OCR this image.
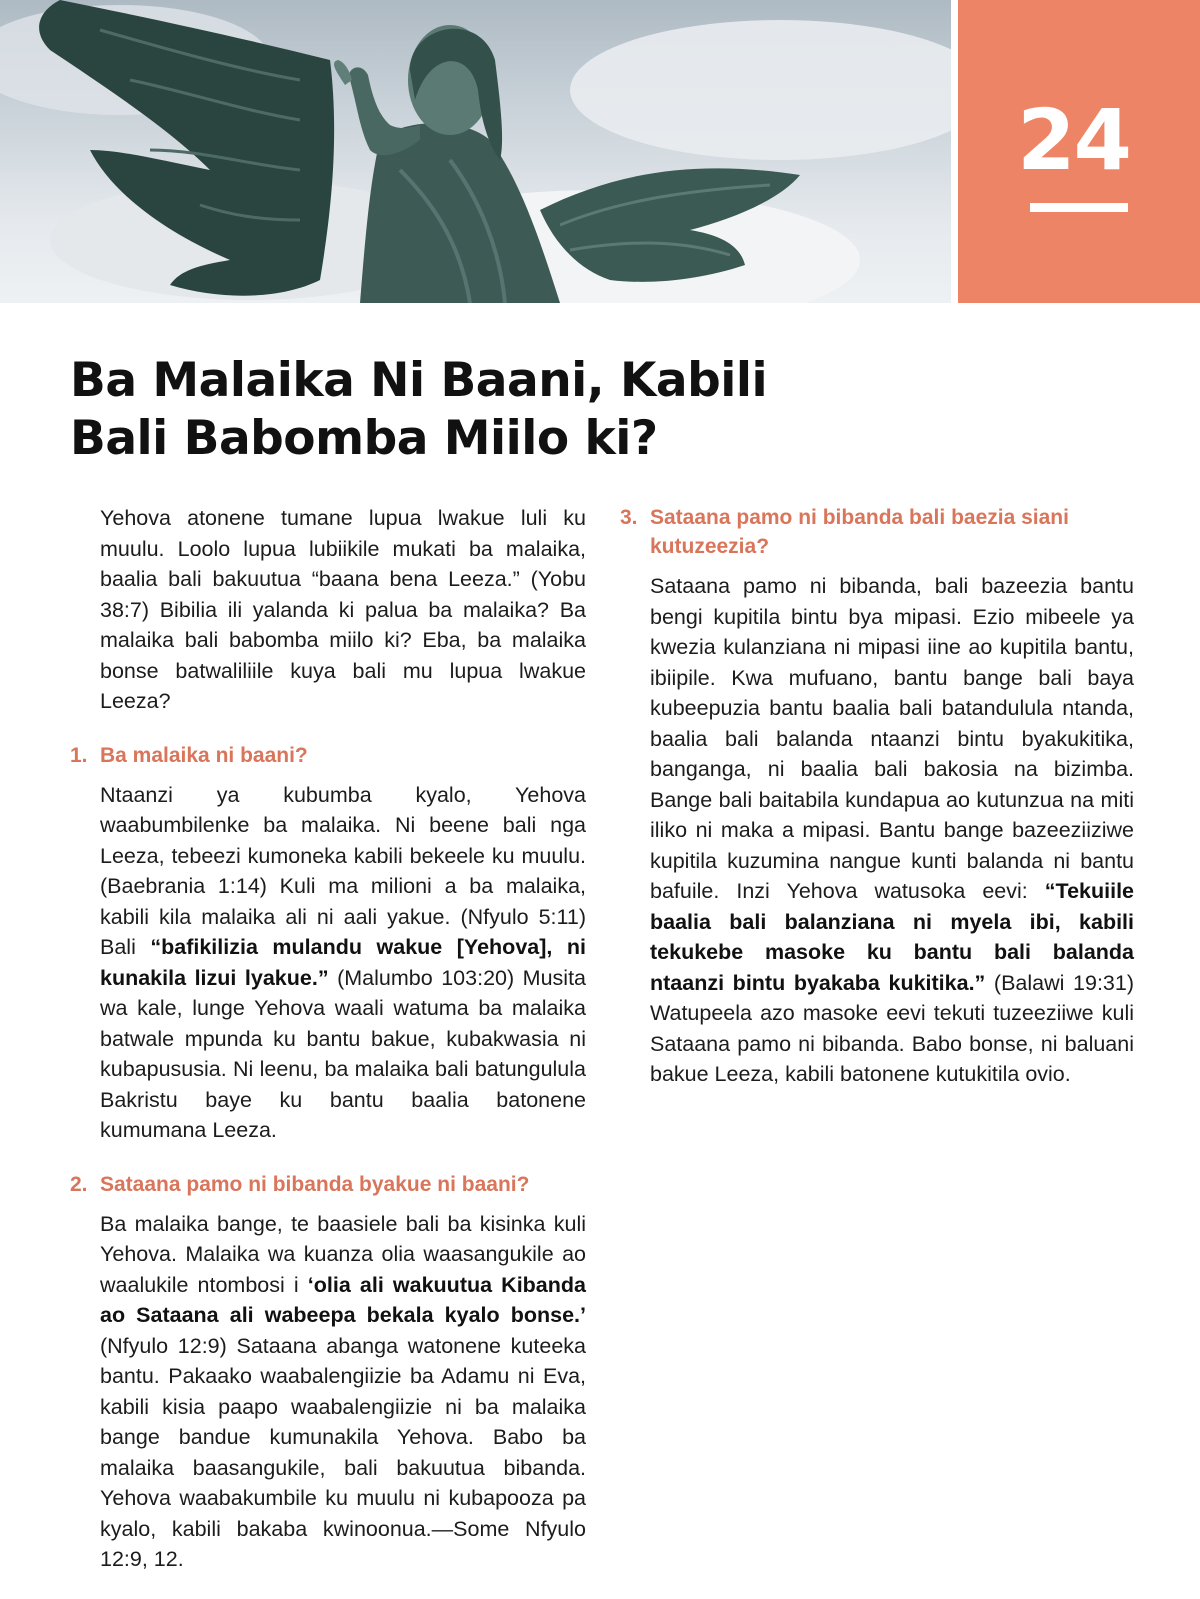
24
Ba Malaika Ni Baani, Kabili Bali Babomba Miilo ki?

Yehova atonene tumane lupua lwakue luli ku muulu. Loolo lupua lubiikile mukati ba malaika, baalia bali bakuutua “baana bena Leeza.” (Yobu 38:7) Bibilia ili yalanda ki palua ba malaika? Ba malaika bali babomba miilo ki? Eba, ba malaika bonse batwaliliile kuya bali mu lupua lwakue Leeza?

1. Ba malaika ni baani?

Ntaanzi ya kubumba kyalo, Yehova waabumbilenke ba malaika. Ni beene bali nga Leeza, tebeezi kumoneka kabili bekeele ku muulu. (Baebrania 1:14) Kuli ma milioni a ba malaika, kabili kila malaika ali ni aali yakue. (Nfyulo 5:11) Bali “bafikilizia mulandu wakue [Yehova], ni kunakila lizui lyakue.” (Malumbo 103:20) Musita wa kale, lunge Yehova waali watuma ba malaika batwale mpunda ku bantu bakue, kubakwasia ni kubapususia. Ni leenu, ba malaika bali batungulula Bakristu baye ku bantu baalia batonene kumumana Leeza.

2. Sataana pamo ni bibanda byakue ni baani?

Ba malaika bange, te baasiele bali ba kisinka kuli Yehova. Malaika wa kuanza olia waasangukile ao waalukile ntombosi i ‘olia ali wakuutua Kibanda ao Sataana ali wabeepa bekala kyalo bonse.’ (Nfyulo 12:9) Sataana abanga watonene kuteeka bantu. Pakaako waabalengiizie ba Adamu ni Eva, kabili kisia paapo waabalengiizie ni ba malaika bange bandue kumunakila Yehova. Babo ba malaika baasangukile, bali bakuutua bibanda. Yehova waabakumbile ku muulu ni kubapooza pa kyalo, kabili bakaba kwinoonua.—Some Nfyulo 12:9, 12.

3. Sataana pamo ni bibanda bali baezia siani kutuzeezia?

Sataana pamo ni bibanda, bali bazeezia bantu bengi kupitila bintu bya mipasi. Ezio mibeele ya kwezia kulanziana ni mipasi iine ao kupitila bantu, ibiipile. Kwa mufuano, bantu bange bali baya kubeepuzia bantu baalia bali batandulula ntanda, baalia bali balanda ntaanzi bintu byakukitika, banganga, ni baalia bali bakosia na bizimba. Bange bali baitabila kundapua ao kutunzua na miti iliko ni maka a mipasi. Bantu bange bazeeziiziwe kupitila kuzumina nangue kunti balanda ni bantu bafuile. Inzi Yehova watusoka eevi: “Tekuiile baalia bali balanziana ni myela ibi, kabili tekukebe masoke ku bantu bali balanda ntaanzi bintu byakaba kukitika.” (Balawi 19:31) Watupeela azo masoke eevi tekuti tuzeeziiwe kuli Sataana pamo ni bibanda. Babo bonse, ni baluani bakue Leeza, kabili batonene kutukitila ovio.
